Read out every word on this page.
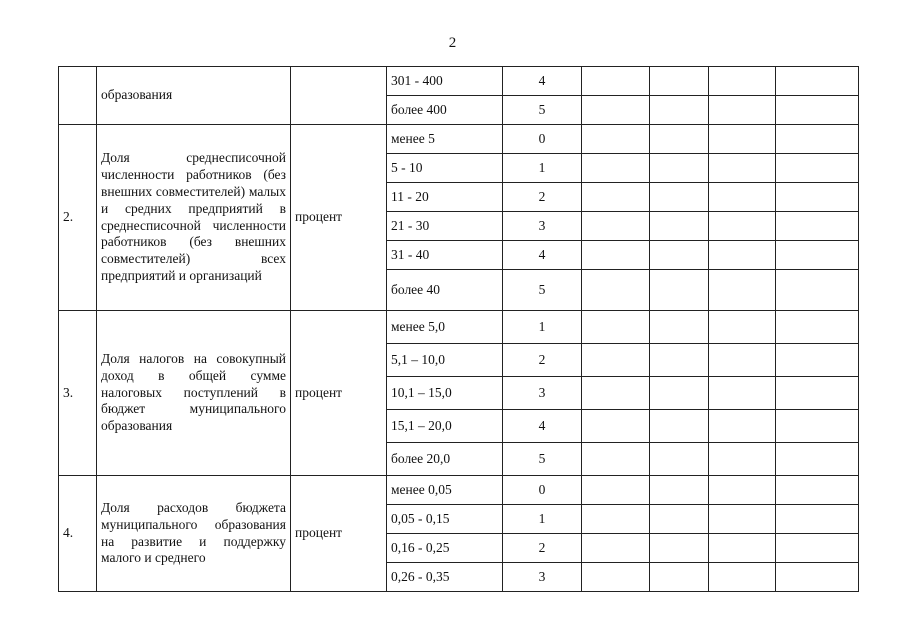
2
	образования		301 - 400	4				
			более 400	5				
2.	Доля среднесписочной численности работников (без внешних совместителей) малых и средних предприятий в среднесписочной численности работников (без внешних совместителей) всех предприятий и организаций	процент	менее 5	0				
			5 - 10	1				
			11 - 20	2				
			21 - 30	3				
			31 - 40	4				
			более 40	5				
3.	Доля налогов на совокупный доход в общей сумме налоговых поступлений в бюджет муниципального образования	процент	менее 5,0	1				
			5,1 – 10,0	2				
			10,1 – 15,0	3				
			15,1 – 20,0	4				
			более 20,0	5				
4.	Доля расходов бюджета муниципального образования на развитие и поддержку малого и среднего	процент	менее 0,05	0				
			0,05 - 0,15	1				
			0,16 - 0,25	2				
			0,26 - 0,35	3				
